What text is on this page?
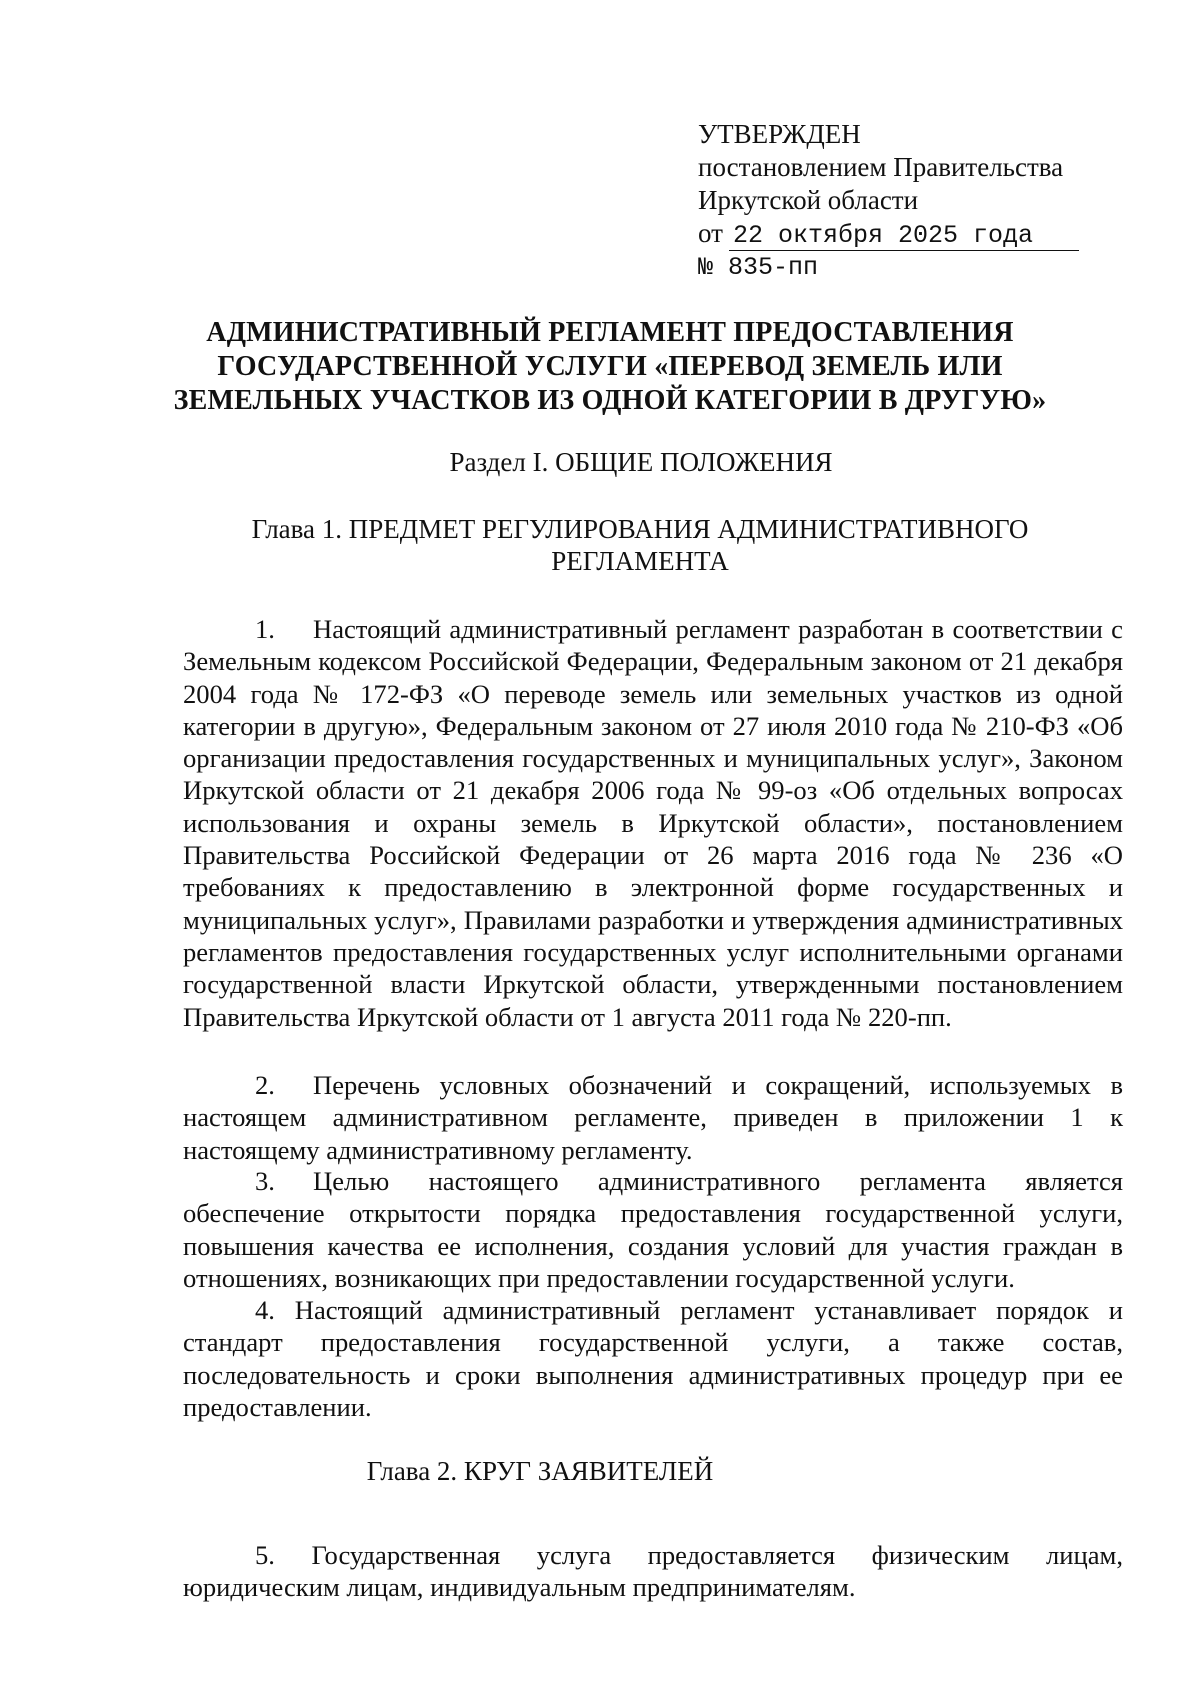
УТВЕРЖДЕН
постановлением Правительства
Иркутской области
от 22 октября 2025 года
№ 835-пп
АДМИНИСТРАТИВНЫЙ РЕГЛАМЕНТ ПРЕДОСТАВЛЕНИЯ
ГОСУДАРСТВЕННОЙ УСЛУГИ «ПЕРЕВОД ЗЕМЕЛЬ ИЛИ
ЗЕМЕЛЬНЫХ УЧАСТКОВ ИЗ ОДНОЙ КАТЕГОРИИ В ДРУГУЮ»
Раздел I. ОБЩИЕ ПОЛОЖЕНИЯ
Глава 1. ПРЕДМЕТ РЕГУЛИРОВАНИЯ АДМИНИСТРАТИВНОГО
РЕГЛАМЕНТА
1. Настоящий административный регламент разработан в соответствии с Земельным кодексом Российской Федерации, Федеральным законом от 21 декабря 2004 года № 172-ФЗ «О переводе земель или земельных участков из одной категории в другую», Федеральным законом от 27 июля 2010 года № 210-ФЗ «Об организации предоставления государственных и муниципальных услуг», Законом Иркутской области от 21 декабря 2006 года № 99-оз «Об отдельных вопросах использования и охраны земель в Иркутской области», постановлением Правительства Российской Федерации от 26 марта 2016 года № 236 «О требованиях к предоставлению в электронной форме государственных и муниципальных услуг», Правилами разработки и утверждения административных регламентов предоставления государственных услуг исполнительными органами государственной власти Иркутской области, утвержденными постановлением Правительства Иркутской области от 1 августа 2011 года № 220-пп.
2. Перечень условных обозначений и сокращений, используемых в настоящем административном регламенте, приведен в приложении 1 к настоящему административному регламенту.
3. Целью настоящего административного регламента является обеспечение открытости порядка предоставления государственной услуги, повышения качества ее исполнения, создания условий для участия граждан в отношениях, возникающих при предоставлении государственной услуги.
4. Настоящий административный регламент устанавливает порядок и стандарт предоставления государственной услуги, а также состав, последовательность и сроки выполнения административных процедур при ее предоставлении.
Глава 2. КРУГ ЗАЯВИТЕЛЕЙ
5. Государственная услуга предоставляется физическим лицам, юридическим лицам, индивидуальным предпринимателям.
